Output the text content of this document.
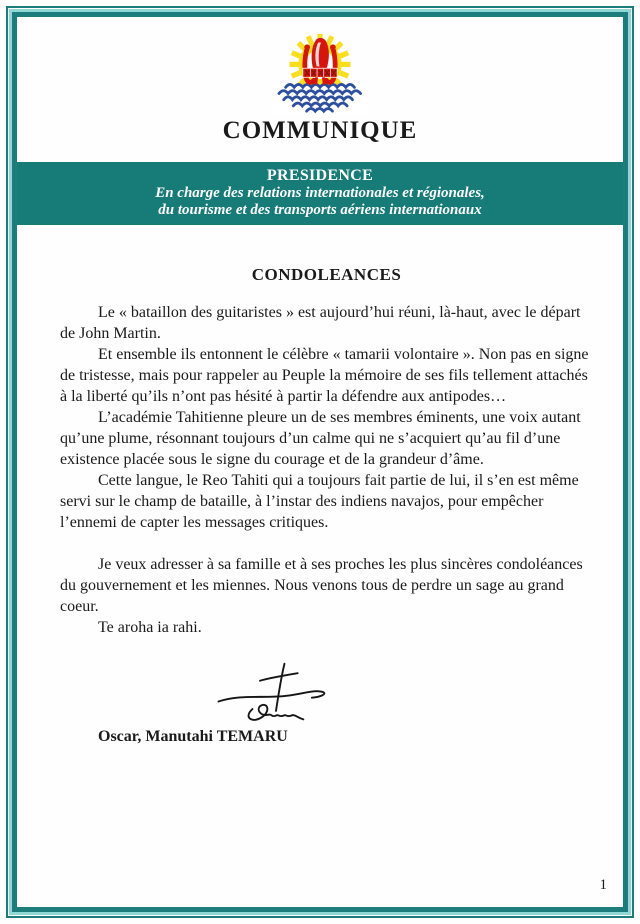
COMMUNIQUE
PRESIDENCE
En charge des relations internationales et régionales,
du tourisme et des transports aériens internationaux
CONDOLEANCES

Le « bataillon des guitaristes » est aujourd’hui réuni, là-haut, avec le départ de John Martin.

Et ensemble ils entonnent le célèbre « tamarii volontaire ». Non pas en signe de tristesse, mais pour rappeler au Peuple la mémoire de ses fils tellement attachés à la liberté qu’ils n’ont pas hésité à partir la défendre aux antipodes…

L’académie Tahitienne pleure un de ses membres éminents, une voix autant qu’une plume, résonnant toujours d’un calme qui ne s’acquiert qu’au fil d’une existence placée sous le signe du courage et de la grandeur d’âme.

Cette langue, le Reo Tahiti qui a toujours fait partie de lui, il s’en est même servi sur le champ de bataille, à l’instar des indiens navajos, pour empêcher l’ennemi de capter les messages critiques.

Je veux adresser à sa famille et à ses proches les plus sincères condoléances du gouvernement et les miennes. Nous venons tous de perdre un sage au grand coeur.

Te aroha ia rahi.

Oscar, Manutahi TEMARU

1
